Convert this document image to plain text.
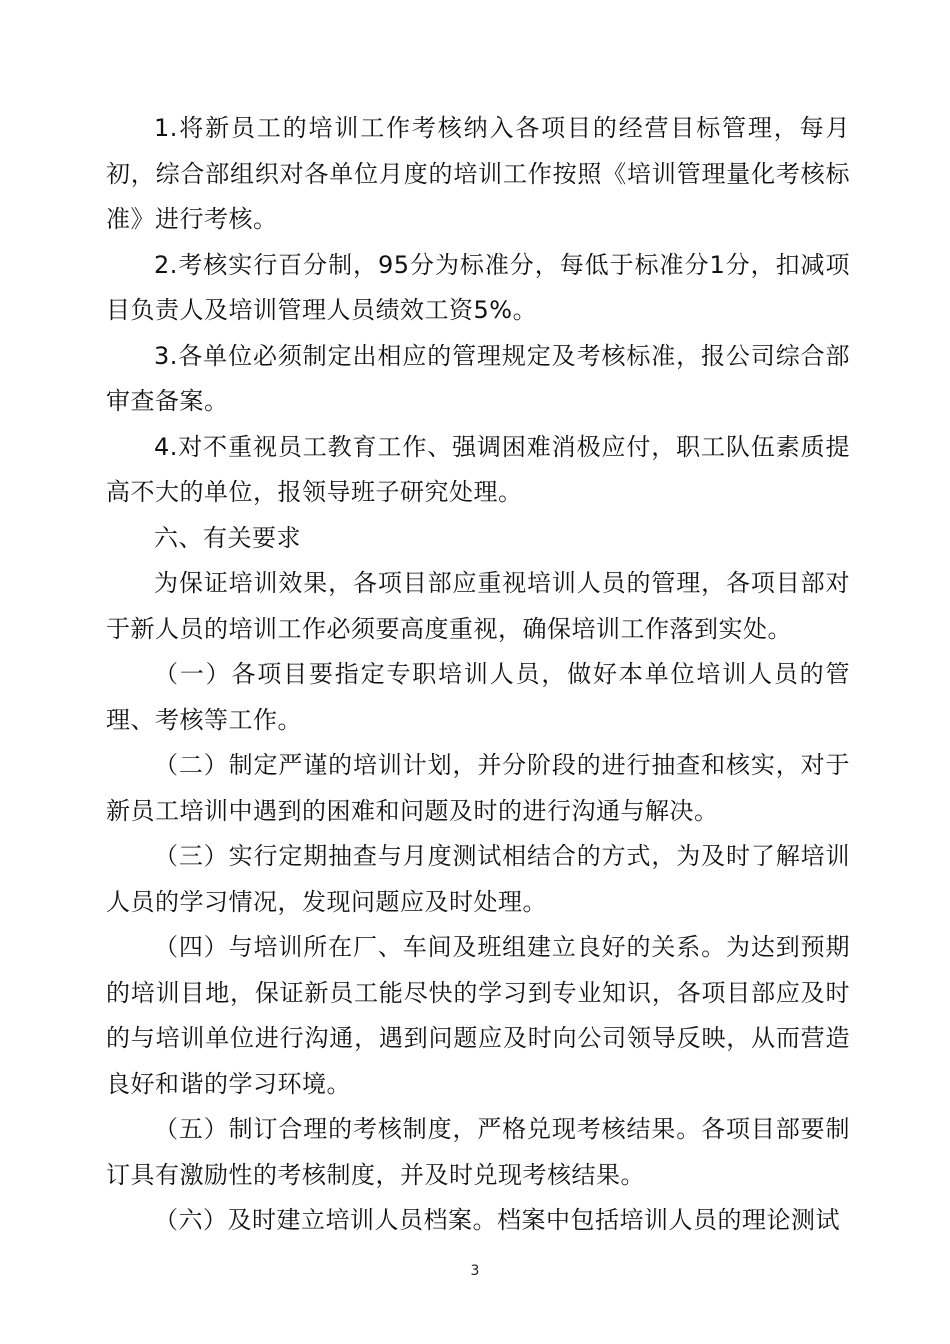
1.将新员工的培训工作考核纳入各项目的经营目标管理，每月初，综合部组织对各单位月度的培训工作按照《培训管理量化考核标准》进行考核。

2.考核实行百分制，95分为标准分，每低于标准分1分，扣减项目负责人及培训管理人员绩效工资5%。

3.各单位必须制定出相应的管理规定及考核标准，报公司综合部审查备案。

4.对不重视员工教育工作、强调困难消极应付，职工队伍素质提高不大的单位，报领导班子研究处理。

六、有关要求

为保证培训效果，各项目部应重视培训人员的管理，各项目部对于新人员的培训工作必须要高度重视，确保培训工作落到实处。

（一）各项目要指定专职培训人员，做好本单位培训人员的管理、考核等工作。

（二）制定严谨的培训计划，并分阶段的进行抽查和核实，对于新员工培训中遇到的困难和问题及时的进行沟通与解决。

（三）实行定期抽查与月度测试相结合的方式，为及时了解培训人员的学习情况，发现问题应及时处理。

（四）与培训所在厂、车间及班组建立良好的关系。为达到预期的培训目地，保证新员工能尽快的学习到专业知识，各项目部应及时的与培训单位进行沟通，遇到问题应及时向公司领导反映，从而营造良好和谐的学习环境。

（五）制订合理的考核制度，严格兑现考核结果。各项目部要制订具有激励性的考核制度，并及时兑现考核结果。

（六）及时建立培训人员档案。档案中包括培训人员的理论测试

3
